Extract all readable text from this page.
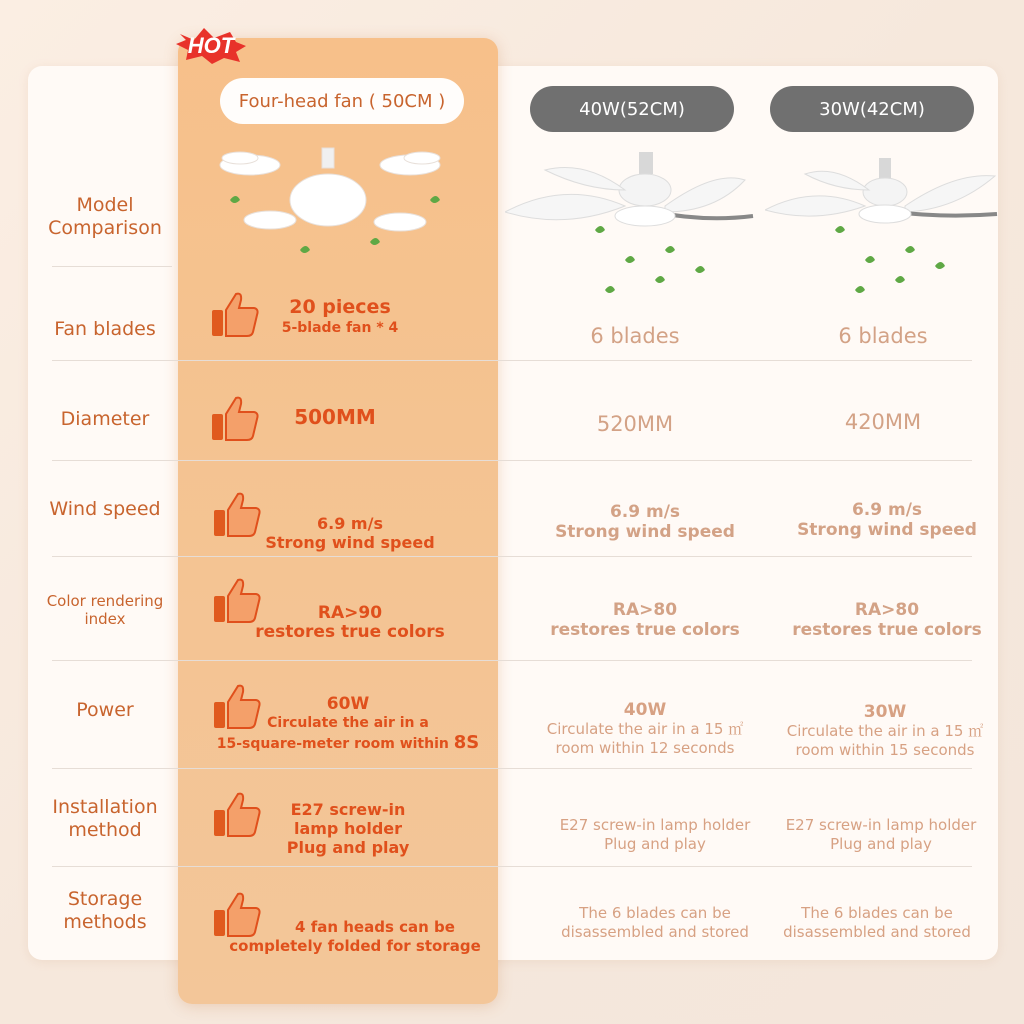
HOT
Four-head fan ( 50CM )	40W(52CM)	30W(42CM)
Model
Comparison
Fan blades
Diameter
Wind speed
Color rendering
index
Power
Installation
method
Storage
methods
20 pieces
5-blade fan * 4
500MM
6.9 m/s
Strong wind speed
RA>90
restores true colors
60W
Circulate the air in a
15-square-meter room within 8S
E27 screw-in
lamp holder
Plug and play
4 fan heads can be
completely folded for storage
6 blades
520MM
6.9 m/s
Strong wind speed
RA>80
restores true colors
40W
Circulate the air in a 15 ㎡
room within 12 seconds
E27 screw-in lamp holder
Plug and play
The 6 blades can be
disassembled and stored
6 blades
420MM
6.9 m/s
Strong wind speed
RA>80
restores true colors
30W
Circulate the air in a 15 ㎡
room within 15 seconds
E27 screw-in lamp holder
Plug and play
The 6 blades can be
disassembled and stored
